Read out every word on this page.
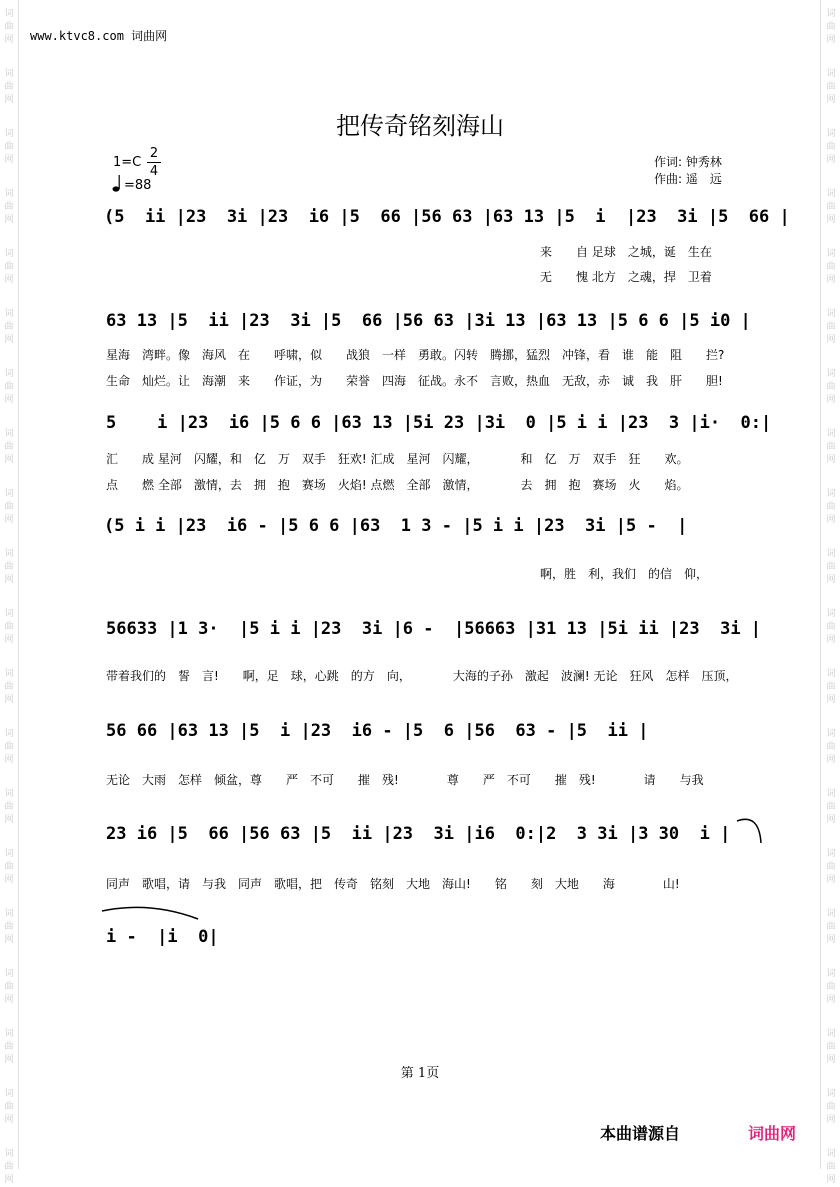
词
曲
网
词
曲
网
词
曲
网
词
曲
网
词
曲
网
词
曲
网
词
曲
网
词
曲
网
词
曲
网
词
曲
网
词
曲
网
词
曲
网
词
曲
网
词
曲
网
词
曲
网
词
曲
网
词
曲
网
词
曲
网
词
曲
网
词
曲
网
词
曲
网
词
曲
网
词
曲
网
词
曲
网
词
曲
网
词
曲
网
词
曲
网
词
曲
网
词
曲
网
词
曲
网
词
曲
网
词
曲
网
词
曲
网
词
曲
网
词
曲
网
词
曲
网
词
曲
网
词
曲
网
词
曲
网
词
曲
网
www.ktvc8.com 词曲网
把传奇铭刻海山
1=C
2
4
=88
作词: 钟秀林
作曲: 遥　远
(5  ii |23  3i |23  i6 |5  66 |56 63 |63 13 |5  i  |23  3i |5  66 |
来　　自 足球　之城，诞　生在
无　　愧 北方　之魂，捍　卫着
63 13 |5  ii |23  3i |5  66 |56 63 |3i 13 |63 13 |5 6 6 |5 i0 |
星海　湾畔。像　海风　在　　呼啸，似　　战狼　一样　勇敢。闪转　腾挪，猛烈　冲锋，看　谁　能　阻　　拦?
生命　灿烂。让　海潮　来　　作证，为　　荣誉　四海　征战。永不　言败，热血　无敌，赤　诚　我　肝　　胆!
5    i |23  i6 |5 6 6 |63 13 |5i 23 |3i  0 |5 i i |23  3 |i·  0:|
汇　　成 星河　闪耀，和　亿　万　双手　狂欢! 汇成　星河　闪耀，　　　　和　亿　万　双手　狂　　欢。
点　　燃 全部　激情，去　拥　抱　赛场　火焰! 点燃　全部　激情，　　　　去　拥　抱　赛场　火　　焰。
(5 i i |23  i6 - |5 6 6 |63  1 3 - |5 i i |23  3i |5 -  |
啊，胜　利，我们　的信　仰，
56633 |1 3·  |5 i i |23  3i |6 -  |56663 |31 13 |5i ii |23  3i |
带着我们的　誓　言!　　啊，足　球，心跳　的方　向，　　　　大海的子孙　激起　波澜! 无论　狂风　怎样　压顶，
56 66 |63 13 |5  i |23  i6 - |5  6 |56  63 - |5  ii |
无论　大雨　怎样　倾盆，尊　　严　不可　　摧　残!　　　　尊　　严　不可　　摧　残!　　　　请　　与我
23 i6 |5  66 |56 63 |5  ii |23  3i |i6  0:|2  3 3i |3 30  i |
同声　歌唱，请　与我　同声　歌唱，把　传奇　铭刻　大地　海山!　　铭　　刻　大地　　海　　　　山!
i -  |i  0|
第 1页
本曲谱源自	词曲网
